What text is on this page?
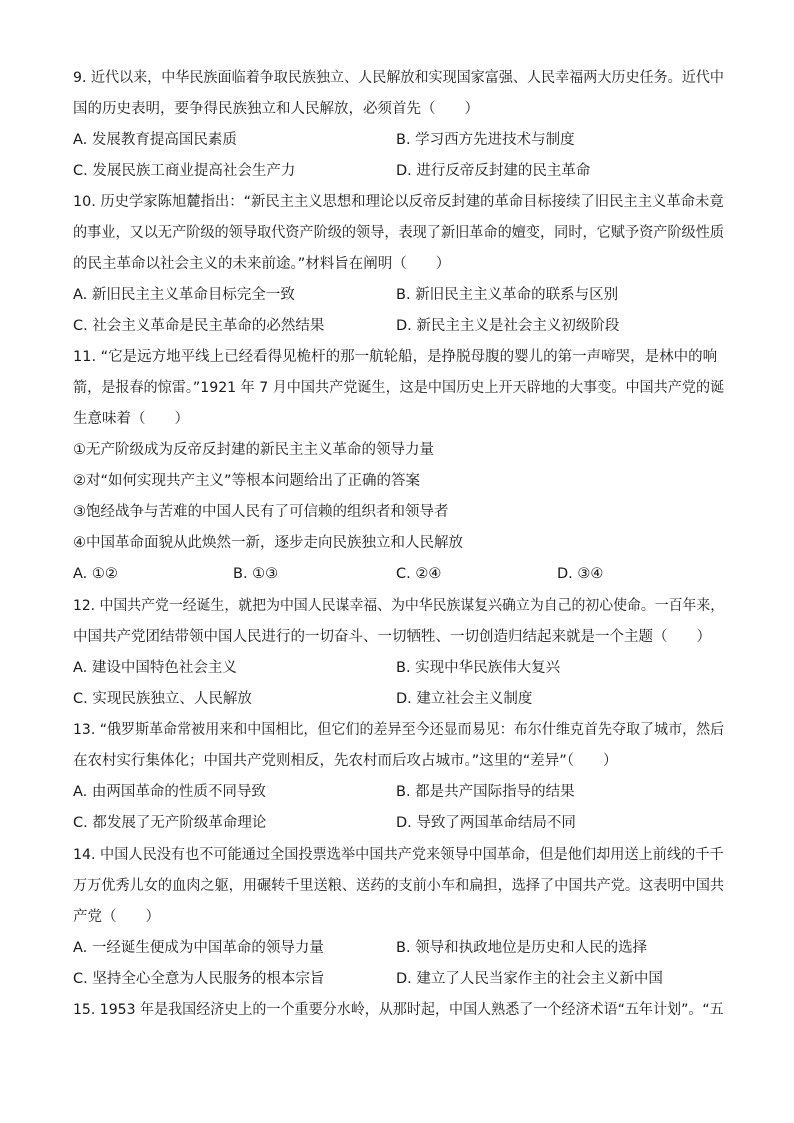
9. 近代以来，中华民族面临着争取民族独立、人民解放和实现国家富强、人民幸福两大历史任务。近代中
国的历史表明，要争得民族独立和人民解放，必须首先（　　）
A. 发展教育提高国民素质	B. 学习西方先进技术与制度
C. 发展民族工商业提高社会生产力	D. 进行反帝反封建的民主革命
10. 历史学家陈旭麓指出：“新民主主义思想和理论以反帝反封建的革命目标接续了旧民主主义革命未竟
的事业，又以无产阶级的领导取代资产阶级的领导，表现了新旧革命的嬗变，同时，它赋予资产阶级性质
的民主革命以社会主义的未来前途。”材料旨在阐明（　　）
A. 新旧民主主义革命目标完全一致	B. 新旧民主主义革命的联系与区别
C. 社会主义革命是民主革命的必然结果	D. 新民主主义是社会主义初级阶段
11. “它是远方地平线上已经看得见桅杆的那一航轮船，是挣脱母腹的婴儿的第一声啼哭，是林中的响
箭，是报春的惊雷。”1921 年 7 月中国共产党诞生，这是中国历史上开天辟地的大事变。中国共产党的诞
生意味着（　　）
①无产阶级成为反帝反封建的新民主主义革命的领导力量
②对“如何实现共产主义”等根本问题给出了正确的答案
③饱经战争与苦难的中国人民有了可信赖的组织者和领导者
④中国革命面貌从此焕然一新，逐步走向民族独立和人民解放
A. ①②	B. ①③	C. ②④	D. ③④
12. 中国共产党一经诞生，就把为中国人民谋幸福、为中华民族谋复兴确立为自己的初心使命。一百年来，
中国共产党团结带领中国人民进行的一切奋斗、一切牺牲、一切创造归结起来就是一个主题（　　）
A. 建设中国特色社会主义	B. 实现中华民族伟大复兴
C. 实现民族独立、人民解放	D. 建立社会主义制度
13. “俄罗斯革命常被用来和中国相比，但它们的差异至今还显而易见：布尔什维克首先夺取了城市，然后
在农村实行集体化；中国共产党则相反，先农村而后攻占城市。”这里的“差异”（　　）
A. 由两国革命的性质不同导致	B. 都是共产国际指导的结果
C. 都发展了无产阶级革命理论	D. 导致了两国革命结局不同
14. 中国人民没有也不可能通过全国投票选举中国共产党来领导中国革命，但是他们却用送上前线的千千
万万优秀儿女的血肉之躯，用碾转千里送粮、送药的支前小车和扁担，选择了中国共产党。这表明中国共
产党（　　）
A. 一经诞生便成为中国革命的领导力量	B. 领导和执政地位是历史和人民的选择
C. 坚持全心全意为人民服务的根本宗旨	D. 建立了人民当家作主的社会主义新中国
15. 1953 年是我国经济史上的一个重要分水岭，从那时起，中国人熟悉了一个经济术语“五年计划”。“五
